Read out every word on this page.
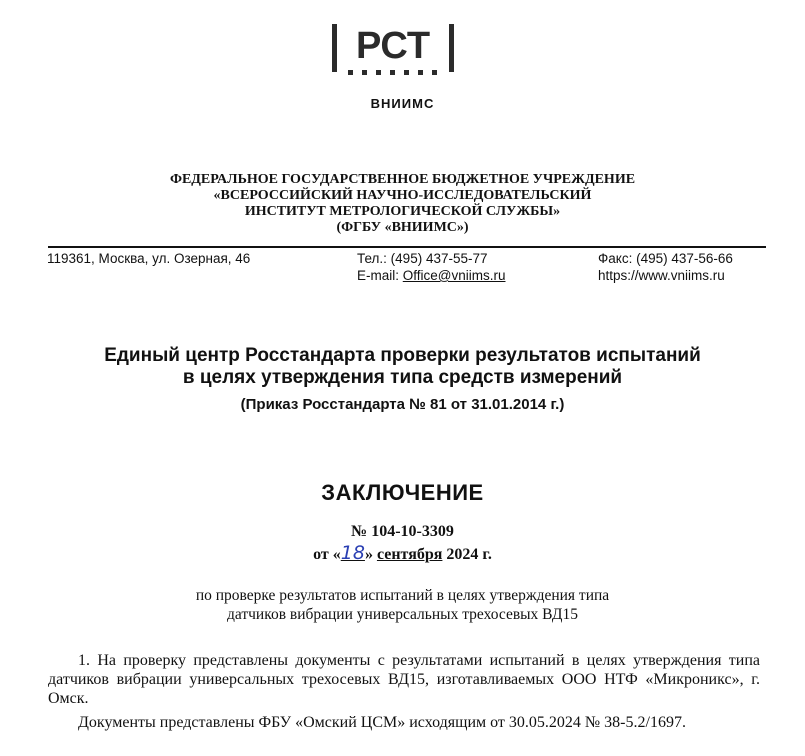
РСТ
ВНИИМС
ФЕДЕРАЛЬНОЕ ГОСУДАРСТВЕННОЕ БЮДЖЕТНОЕ УЧРЕЖДЕНИЕ
«ВСЕРОССИЙСКИЙ НАУЧНО-ИССЛЕДОВАТЕЛЬСКИЙ
ИНСТИТУТ МЕТРОЛОГИЧЕСКОЙ СЛУЖБЫ»
(ФГБУ «ВНИИМС»)
119361, Москва, ул. Озерная, 46	Тел.: (495) 437-55-77
E-mail: Office@vniims.ru
Факс: (495) 437-56-66
https://www.vniims.ru
Единый центр Росстандарта проверки результатов испытаний
в целях утверждения типа средств измерений
(Приказ Росстандарта № 81 от 31.01.2014 г.)
ЗАКЛЮЧЕНИЕ
№ 104-10-3309
от «18» сентября 2024 г.
по проверке результатов испытаний в целях утверждения типа
датчиков вибрации универсальных трехосевых ВД15
1. На проверку представлены документы с результатами испытаний в целях утверждения типа датчиков вибрации универсальных трехосевых ВД15, изготавливаемых ООО НТФ «Микроникс», г. Омск.
Документы представлены ФБУ «Омский ЦСМ» исходящим от 30.05.2024 № 38-5.2/1697.
